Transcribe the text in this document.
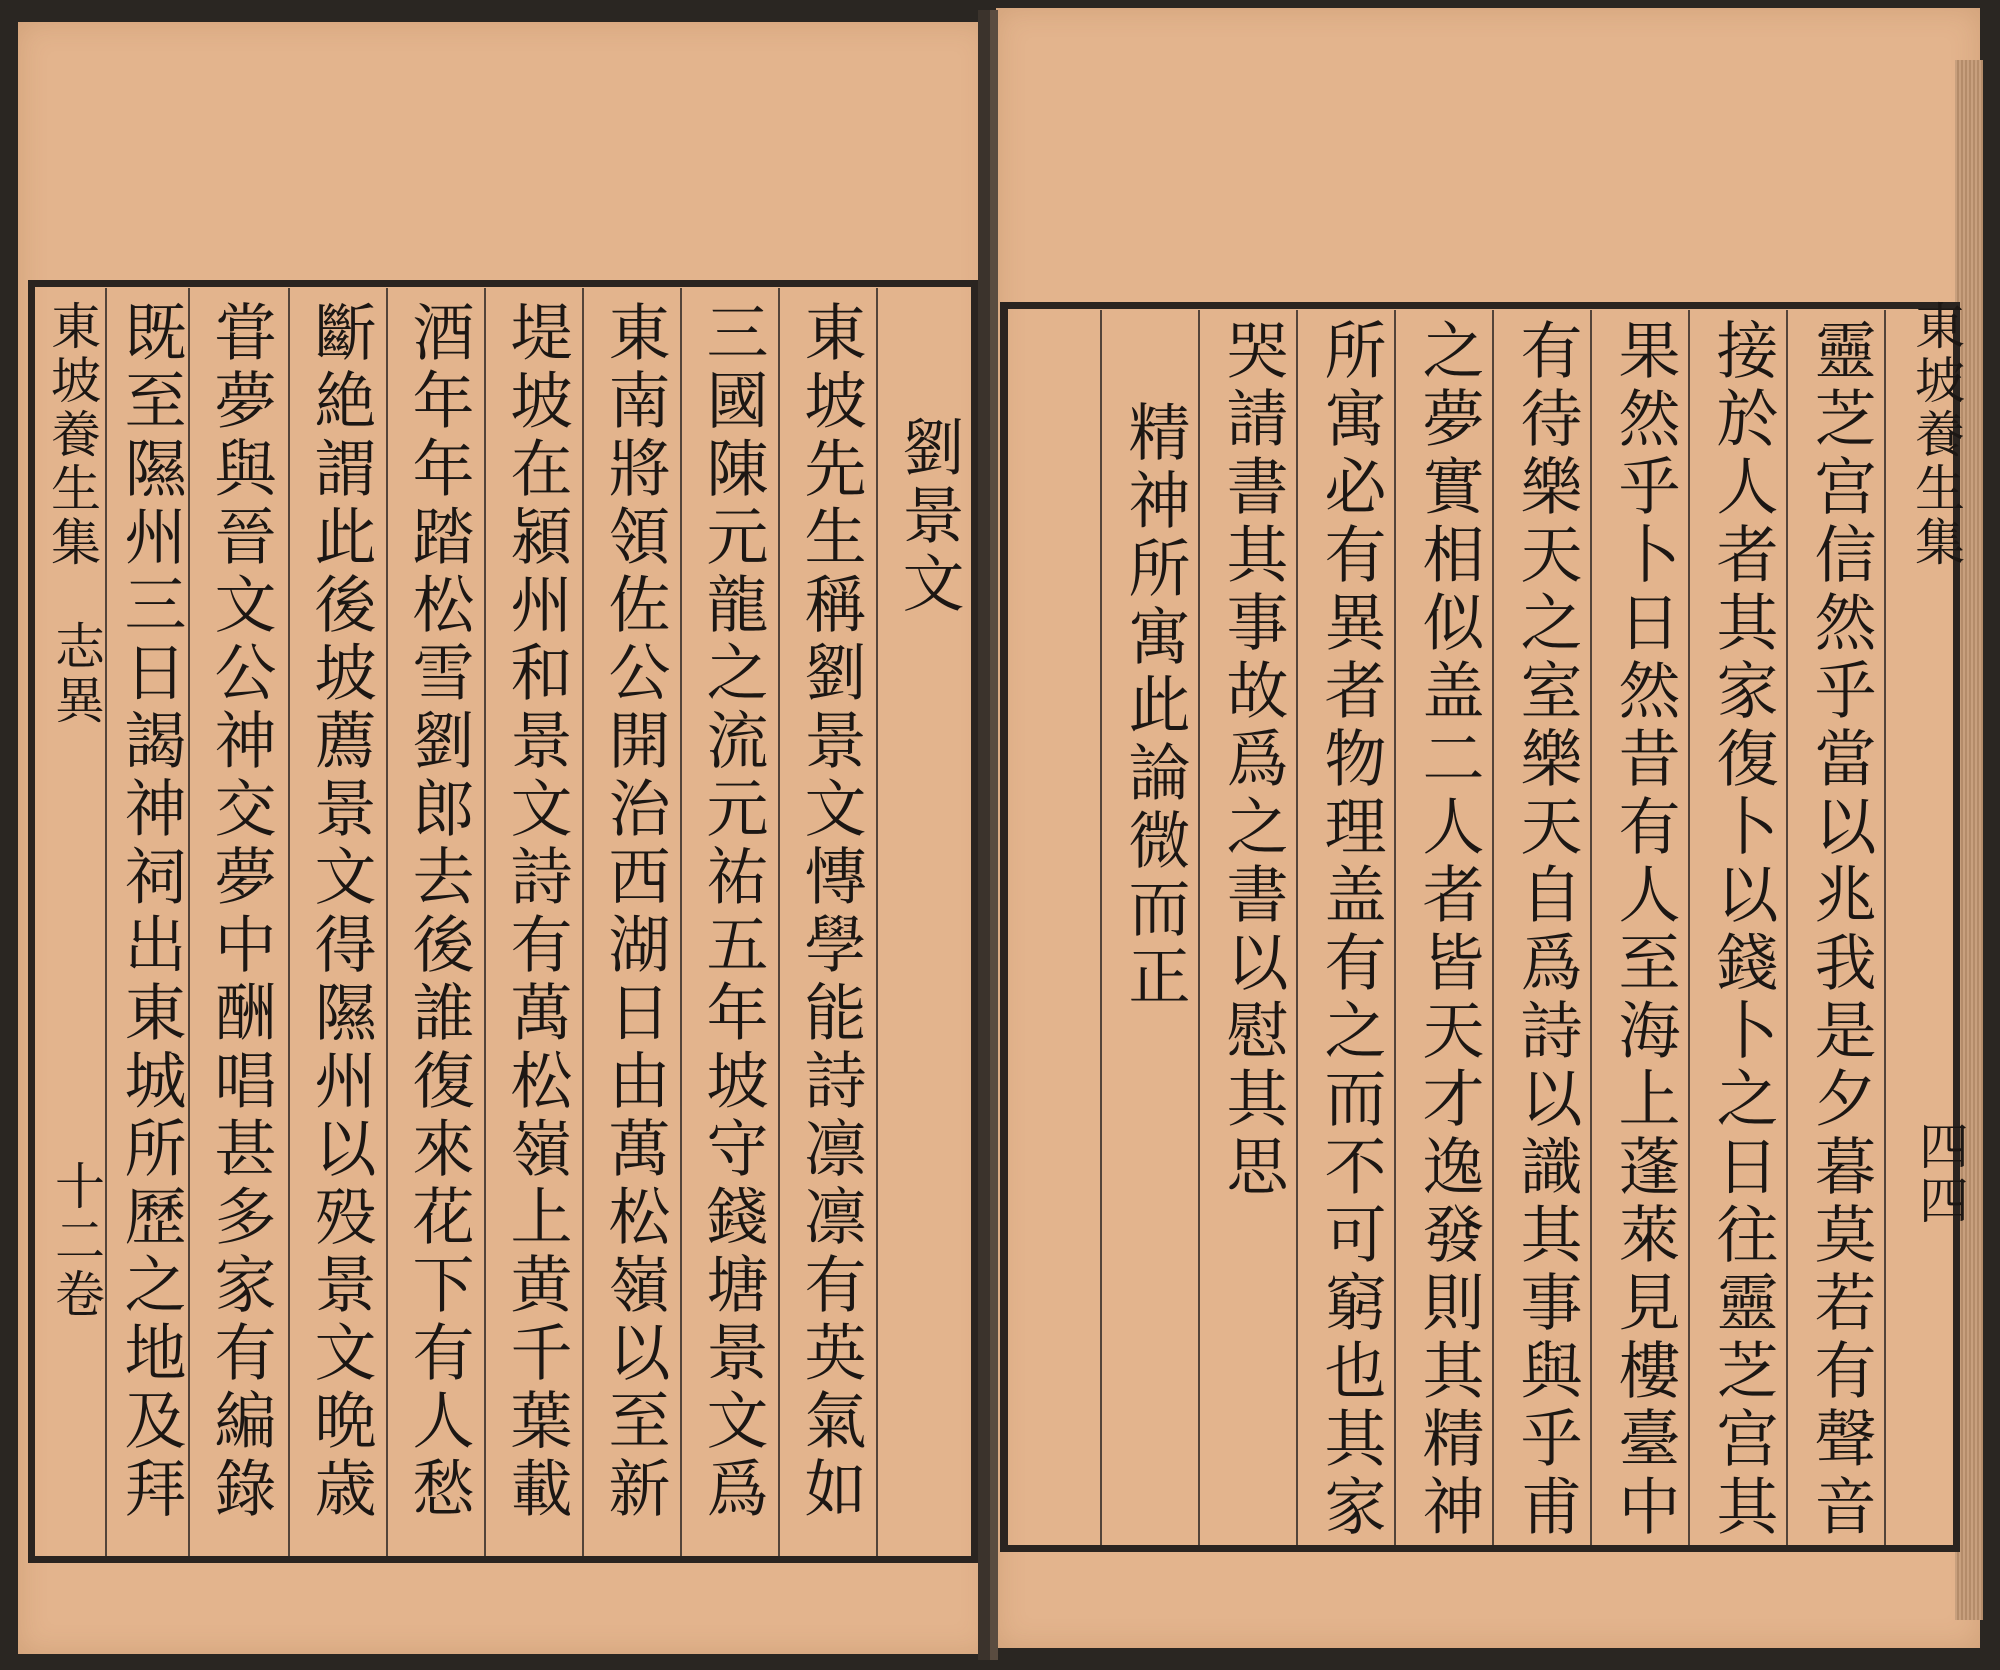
東坡養生集
志異
十二卷
劉景文
東坡先生稱劉景文慱學能詩凛凛有英氣如
三國陳元龍之流元祐五年坡守錢塘景文爲
東南將領佐公開治西湖日由萬松嶺以至新
堤坡在潁州和景文詩有萬松嶺上黄千葉載
酒年年踏松雪劉郎去後誰復來花下有人愁
斷絶謂此後坡薦景文得隰州以殁景文晩歳
甞夢與晉文公神交夢中酬唱甚多家有編錄
既至隰州三日謁神祠出東城所歷之地及拜	東坡養生集
四四
靈芝宫信然乎當以兆我是夕暮莫若有聲音
接於人者其家復卜以錢卜之日往靈芝宫其
果然乎卜日然昔有人至海上蓬萊見樓臺中
有待樂天之室樂天自爲詩以識其事與乎甫
之夢實相似盖二人者皆天才逸發則其精神
所寓必有異者物理盖有之而不可窮也其家
哭請書其事故爲之書以慰其思
精神所寓此論微而正
